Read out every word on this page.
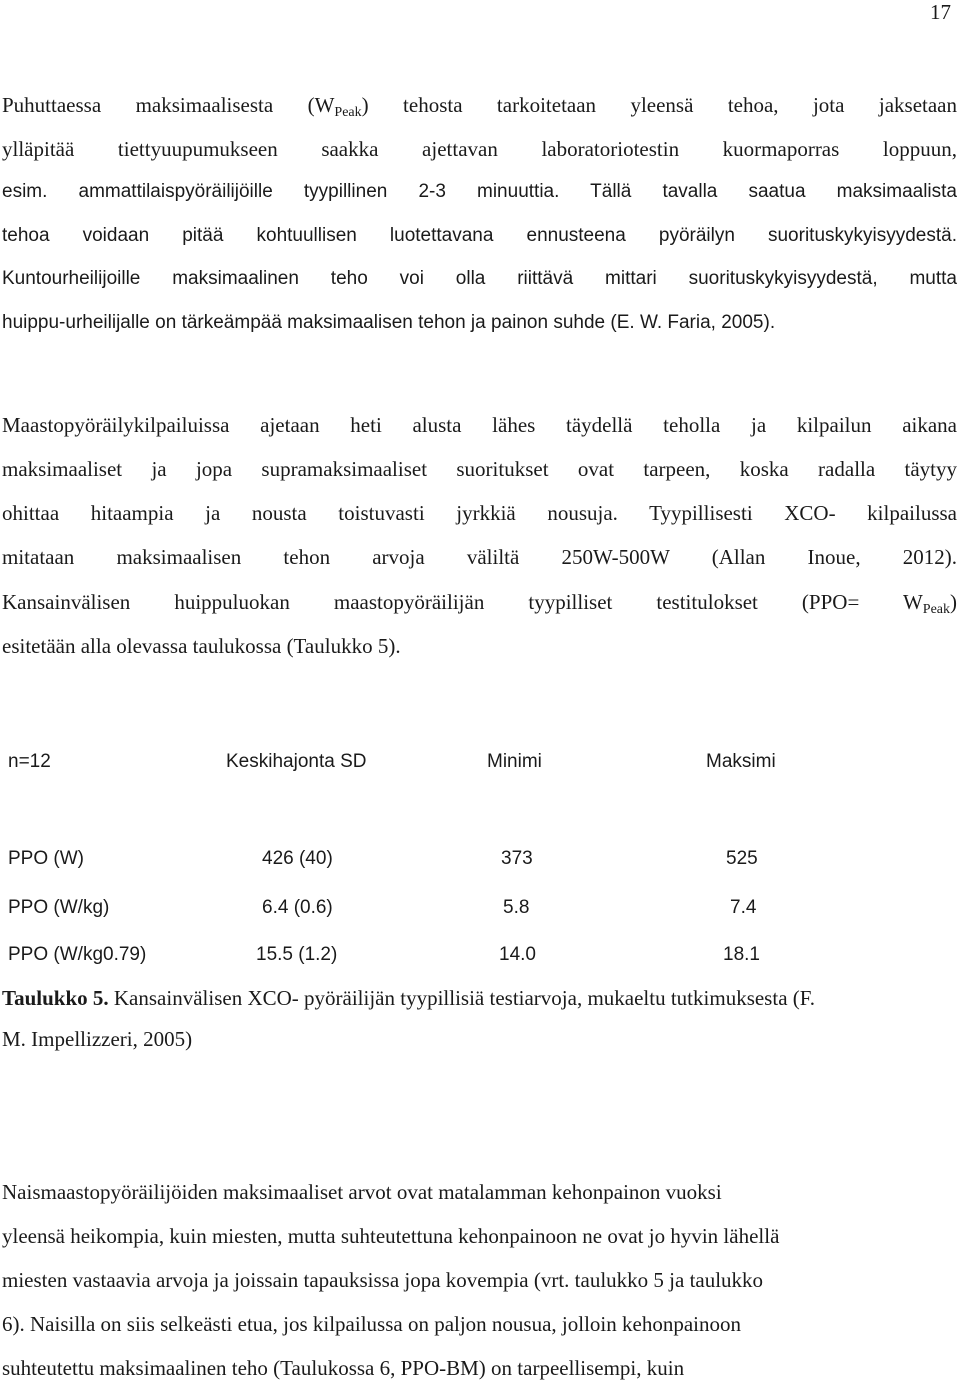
17
Puhuttaessa maksimaalisesta $(W_{Peak})$ tehosta tarkoitetaan yleensä tehoa, jota jaksetaan
ylläpitää tiettyuupumukseen saakka ajettavan laboratoriotestin kuormaporras loppuun,
esim. ammattilaispyöräilijöille tyypillinen 2-3 minuuttia. Tällä tavalla saatua maksimaalista
tehoa voidaan pitää kohtuullisen luotettavana ennusteena pyöräilyn suorituskykyisyydestä.
Kuntourheilijoille maksimaalinen teho voi olla riittävä mittari suorituskykyisyydestä, mutta
huippu-urheilijalle on tärkeämpää maksimaalisen tehon ja painon suhde (E. W. Faria, 2005).
Maastopyöräilykilpailuissa ajetaan heti alusta lähes täydellä teholla ja kilpailun aikana
maksimaaliset ja jopa supramaksimaaliset suoritukset ovat tarpeen, koska radalla täytyy
ohittaa hitaampia ja nousta toistuvasti jyrkkiä nousuja. Tyypillisesti XCO- kilpailussa
mitataan maksimaalisen tehon arvoja väliltä 250W-500W (Allan Inoue, 2012).
Kansainvälisen huippuluokan maastopyöräilijän tyypilliset testitulokset $(PPO= W_{Peak})$
esitetään alla olevassa taulukossa (Taulukko 5).
n=12	Keskihajonta SD	Minimi	Maksimi
PPO (W)	426 (40)	373	525
PPO (W/kg)	6.4 (0.6)	5.8	7.4
PPO (W/kg0.79)	15.5 (1.2)	14.0	18.1
Taulukko 5. Kansainvälisen XCO- pyöräilijän tyypillisiä testiarvoja, mukaeltu tutkimuksesta (F.
M. Impellizzeri, 2005)
Naismaastopyöräilijöiden maksimaaliset arvot ovat matalamman kehonpainon vuoksi
yleensä heikompia, kuin miesten, mutta suhteutettuna kehonpainoon ne ovat jo hyvin lähellä
miesten vastaavia arvoja ja joissain tapauksissa jopa kovempia (vrt. taulukko 5 ja taulukko
6). Naisilla on siis selkeästi etua, jos kilpailussa on paljon nousua, jolloin kehonpainoon
suhteutettu maksimaalinen teho (Taulukossa 6, PPO-BM) on tarpeellisempi, kuin
